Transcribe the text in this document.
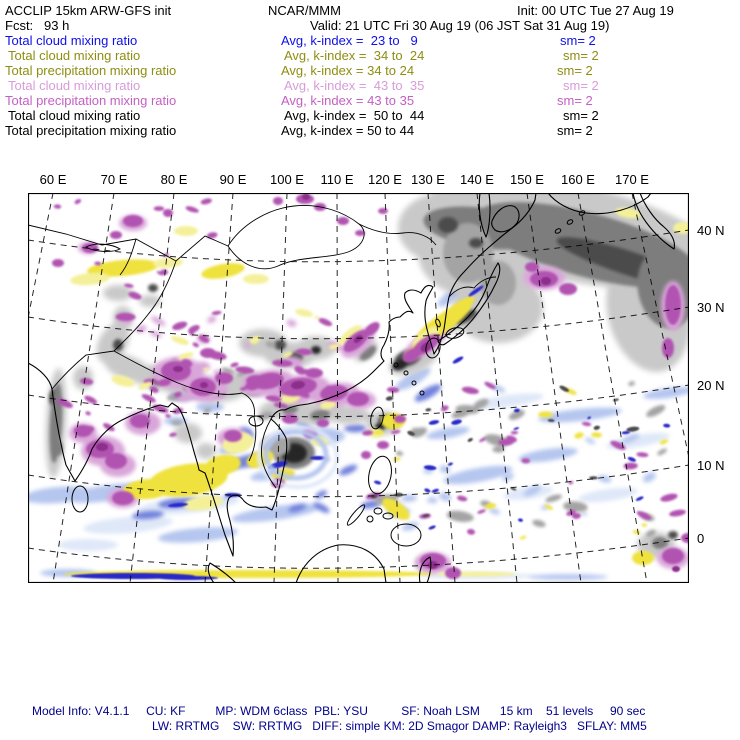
ACCLIP 15km ARW-GFS init	NCAR/MMM	Init: 00 UTC Tue 27 Aug 19
Fcst:   93 h	Valid: 21 UTC Fri 30 Aug 19 (06 JST Sat 31 Aug 19)
Total cloud mixing ratio	Avg, k-index =  23 to   9	sm= 2
Total cloud mixing ratio	Avg, k-index =  34 to  24	sm= 2
Total precipitation mixing ratio	Avg, k-index = 34 to 24	sm= 2
Total cloud mixing ratio	Avg, k-index =  43 to  35	sm= 2
Total precipitation mixing ratio	Avg, k-index = 43 to 35	sm= 2
Total cloud mixing ratio	Avg, k-index =  50 to  44	sm= 2
Total precipitation mixing ratio	Avg, k-index = 50 to 44	sm= 2
60 E	70 E	80 E 90 E 100 E 110 E 120 E 130 E 140 E 150 E 160 E 170 E
40 N
30 N
20 N
10 N
0
Model Info: V4.1.1     CU: KF         MP: WDM 6class  PBL: YSU          SF: Noah LSM      15 km    51 levels     90 sec
LW: RRTMG    SW: RRTMG   DIFF: simple KM: 2D Smagor DAMP: Rayleigh3   SFLAY: MM5
